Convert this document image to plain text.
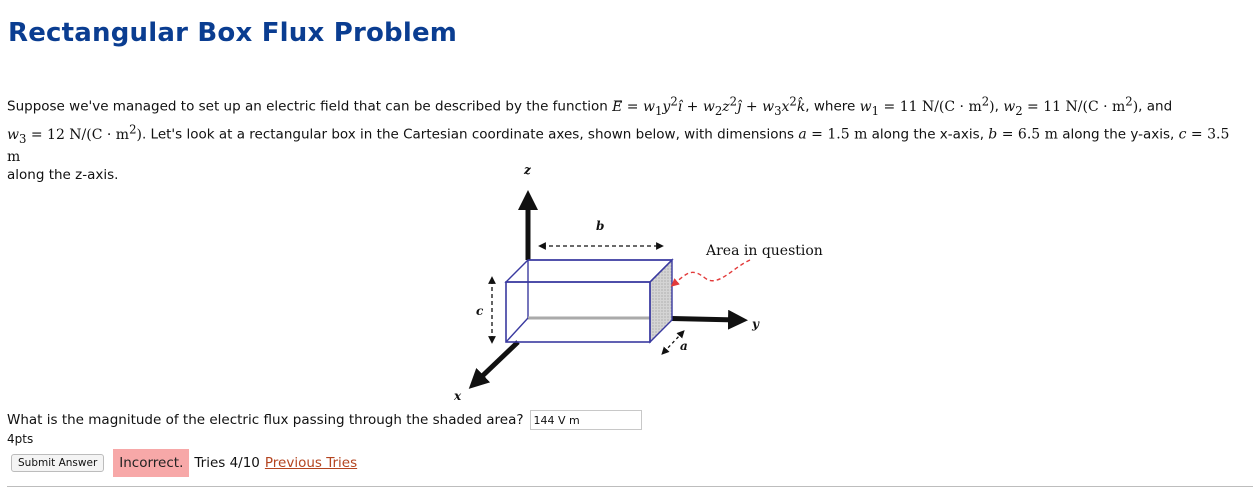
Rectangular Box Flux Problem
Suppose we've managed to set up an electric field that can be described by the function E⃗ = $w_1y^2î$ + $w_2z^2ĵ$ + $w_3x^2k̂$, where $w_1 = 11$ $N/(C \cdot m^2)$, $w_2 = 11$ $N/(C \cdot m^2)$, and
$w_3 = 12$ $N/(C \cdot m^2)$. Let's look at a rectangular box in the Cartesian coordinate axes, shown below, with dimensions a = 1.5 m along the x-axis, b = 6.5 m along the y-axis, c = 3.5 m
along the z-axis.	z
y
x
b
c
a
Area in question
What is the magnitude of the electric flux passing through the shaded area?
144 V m
4pts
Submit Answer	Incorrect. Tries 4/10 Previous Tries
